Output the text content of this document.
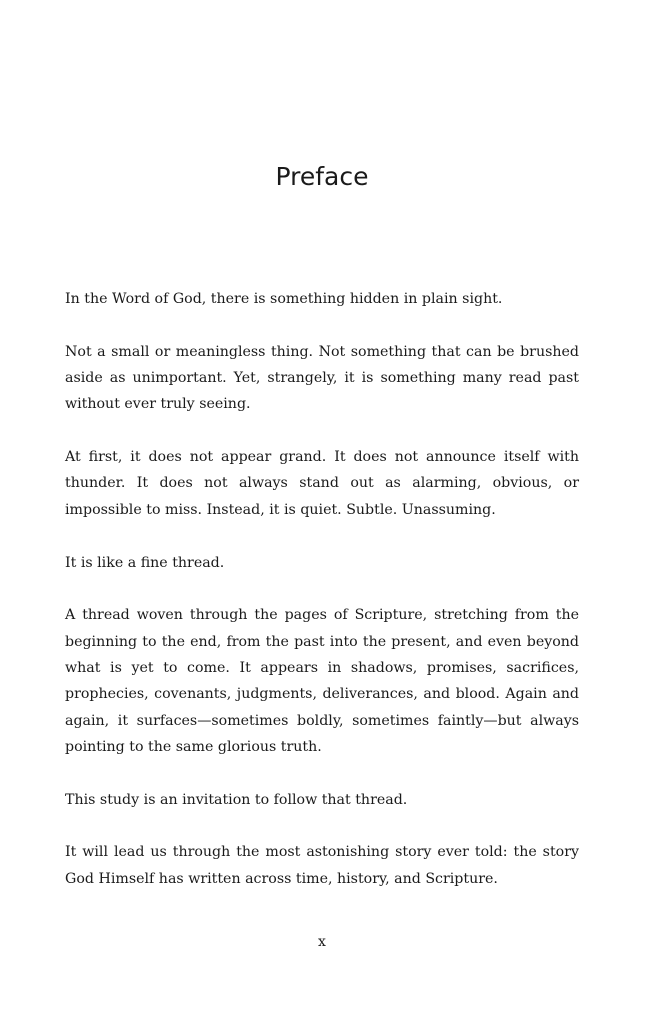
Preface

In the Word of God, there is something hidden in plain sight.

Not a small or meaningless thing. Not something that can be brushed aside as unimportant. Yet, strangely, it is something many read past without ever truly seeing.

At first, it does not appear grand. It does not announce itself with thunder. It does not always stand out as alarming, obvious, or impossible to miss. Instead, it is quiet. Subtle. Unassuming.

It is like a fine thread.

A thread woven through the pages of Scripture, stretching from the beginning to the end, from the past into the present, and even beyond what is yet to come. It appears in shadows, promises, sacrifices, prophecies, covenants, judgments, deliverances, and blood. Again and again, it surfaces—sometimes boldly, sometimes faintly—but always pointing to the same glorious truth.

This study is an invitation to follow that thread.

It will lead us through the most astonishing story ever told: the story God Himself has written across time, history, and Scripture.

x
